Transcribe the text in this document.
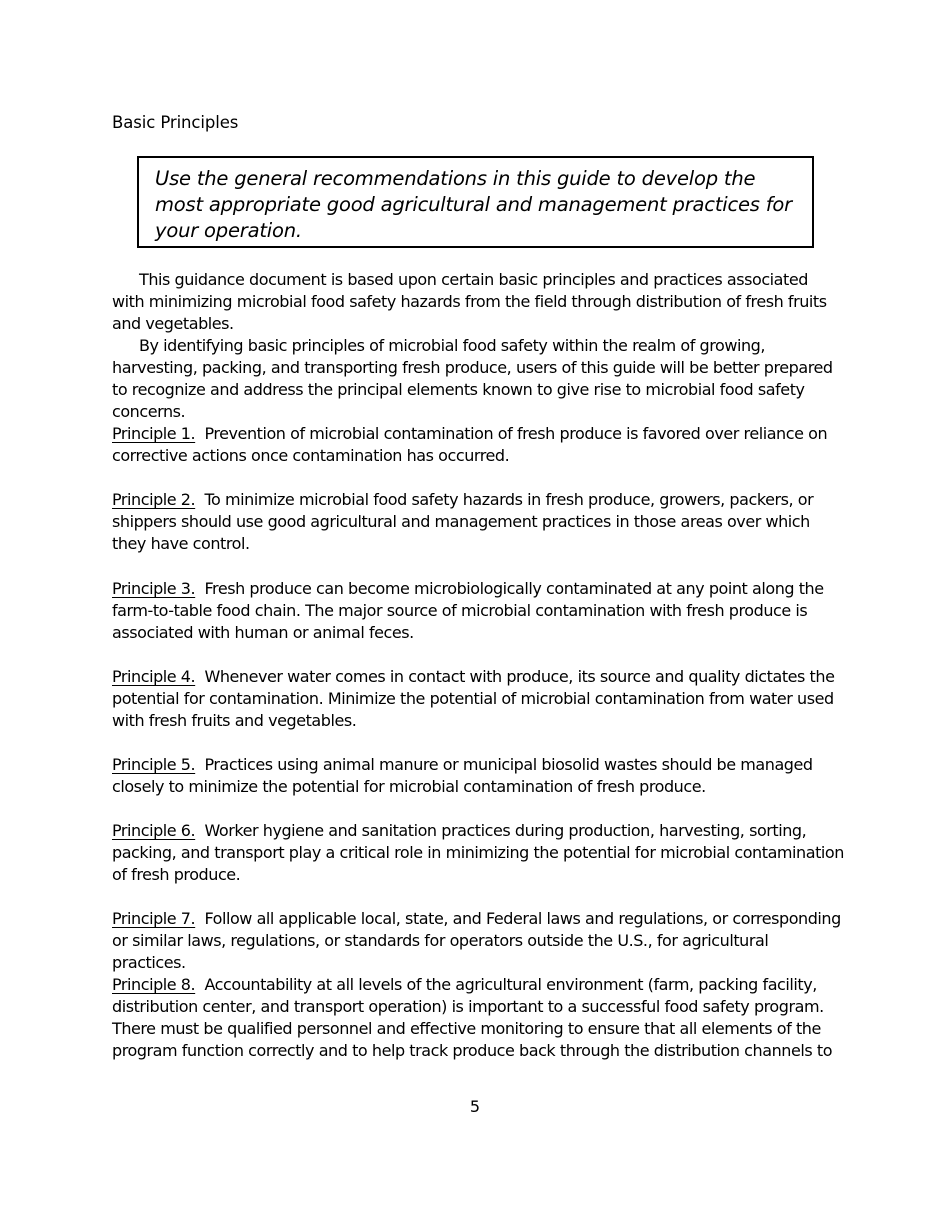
Basic Principles

Use the general recommendations in this guide to develop the most appropriate good agricultural and management practices for your operation.

This guidance document is based upon certain basic principles and practices associated with minimizing microbial food safety hazards from the field through distribution of fresh fruits and vegetables.

By identifying basic principles of microbial food safety within the realm of growing, harvesting, packing, and transporting fresh produce, users of this guide will be better prepared to recognize and address the principal elements known to give rise to microbial food safety concerns.

Principle 1. Prevention of microbial contamination of fresh produce is favored over reliance on corrective actions once contamination has occurred.

Principle 2. To minimize microbial food safety hazards in fresh produce, growers, packers, or shippers should use good agricultural and management practices in those areas over which they have control.

Principle 3. Fresh produce can become microbiologically contaminated at any point along the farm-to-table food chain. The major source of microbial contamination with fresh produce is associated with human or animal feces.

Principle 4. Whenever water comes in contact with produce, its source and quality dictates the potential for contamination. Minimize the potential of microbial contamination from water used with fresh fruits and vegetables.

Principle 5. Practices using animal manure or municipal biosolid wastes should be managed closely to minimize the potential for microbial contamination of fresh produce.

Principle 6. Worker hygiene and sanitation practices during production, harvesting, sorting, packing, and transport play a critical role in minimizing the potential for microbial contamination of fresh produce.

Principle 7. Follow all applicable local, state, and Federal laws and regulations, or corresponding or similar laws, regulations, or standards for operators outside the U.S., for agricultural practices.

Principle 8. Accountability at all levels of the agricultural environment (farm, packing facility, distribution center, and transport operation) is important to a successful food safety program. There must be qualified personnel and effective monitoring to ensure that all elements of the program function correctly and to help track produce back through the distribution channels to

5
